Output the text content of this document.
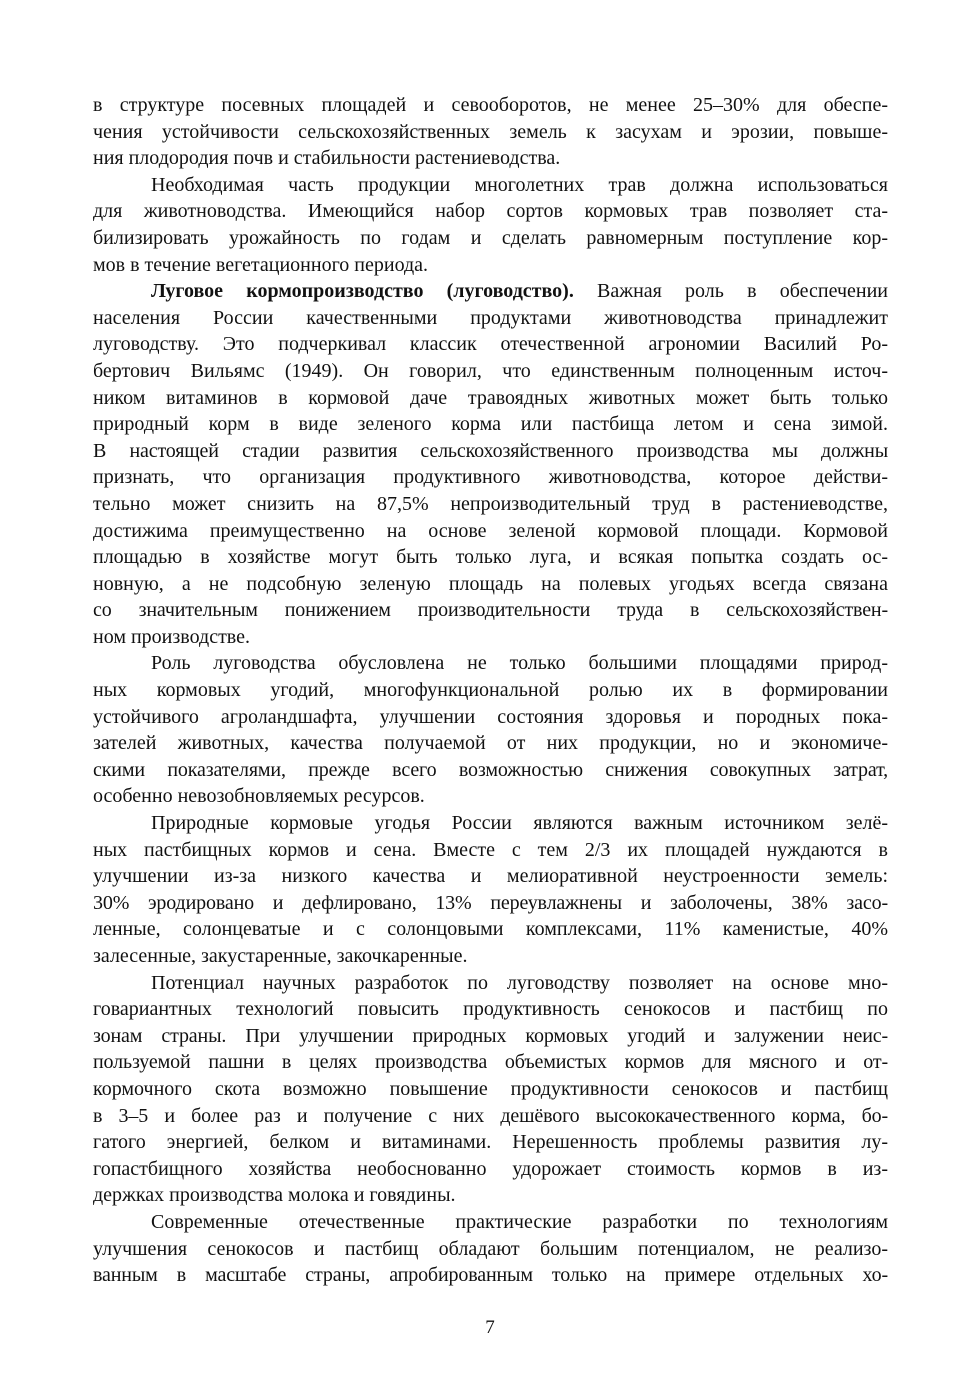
в структуре посевных площадей и севооборотов, не менее 25–30% для обеспе-
чения устойчивости сельскохозяйственных земель к засухам и эрозии, повыше-
ния плодородия почв и стабильности растениеводства.

Необходимая часть продукции многолетних трав должна использоваться
для животноводства. Имеющийся набор сортов кормовых трав позволяет ста-
билизировать урожайность по годам и сделать равномерным поступление кор-
мов в течение вегетационного периода.

Луговое кормопроизводство (луговодство). Важная роль в обеспечении
населения России качественными продуктами животноводства принадлежит
луговодству. Это подчеркивал классик отечественной агрономии Василий Ро-
бертович Вильямс (1949). Он говорил, что единственным полноценным источ-
ником витаминов в кормовой даче травоядных животных может быть только
природный корм в виде зеленого корма или пастбища летом и сена зимой.
В настоящей стадии развития сельскохозяйственного производства мы должны
признать, что организация продуктивного животноводства, которое действи-
тельно может снизить на 87,5% непроизводительный труд в растениеводстве,
достижима преимущественно на основе зеленой кормовой площади. Кормовой
площадью в хозяйстве могут быть только луга, и всякая попытка создать ос-
новную, а не подсобную зеленую площадь на полевых угодьях всегда связана
со значительным понижением производительности труда в сельскохозяйствен-
ном производстве.

Роль луговодства обусловлена не только большими площадями природ-
ных кормовых угодий, многофункциональной ролью их в формировании
устойчивого агроландшафта, улучшении состояния здоровья и породных пока-
зателей животных, качества получаемой от них продукции, но и экономиче-
скими показателями, прежде всего возможностью снижения совокупных затрат,
особенно невозобновляемых ресурсов.

Природные кормовые угодья России являются важным источником зелё-
ных пастбищных кормов и сена. Вместе с тем 2/3 их площадей нуждаются в
улучшении из-за низкого качества и мелиоративной неустроенности земель:
30% эродировано и дефлировано, 13% переувлажнены и заболочены, 38% засо-
ленные, солонцеватые и с солонцовыми комплексами, 11% каменистые, 40%
залесенные, закустаренные, закочкаренные.

Потенциал научных разработок по луговодству позволяет на основе мно-
говариантных технологий повысить продуктивность сенокосов и пастбищ по
зонам страны. При улучшении природных кормовых угодий и залужении неис-
пользуемой пашни в целях производства объемистых кормов для мясного и от-
кормочного скота возможно повышение продуктивности сенокосов и пастбищ
в 3–5 и более раз и получение с них дешёвого высококачественного корма, бо-
гатого энергией, белком и витаминами. Нерешенность проблемы развития лу-
гопастбищного хозяйства необоснованно удорожает стоимость кормов в из-
держках производства молока и говядины.

Современные отечественные практические разработки по технологиям
улучшения сенокосов и пастбищ обладают большим потенциалом, не реализо-
ванным в масштабе страны, апробированным только на примере отдельных хо-

7
